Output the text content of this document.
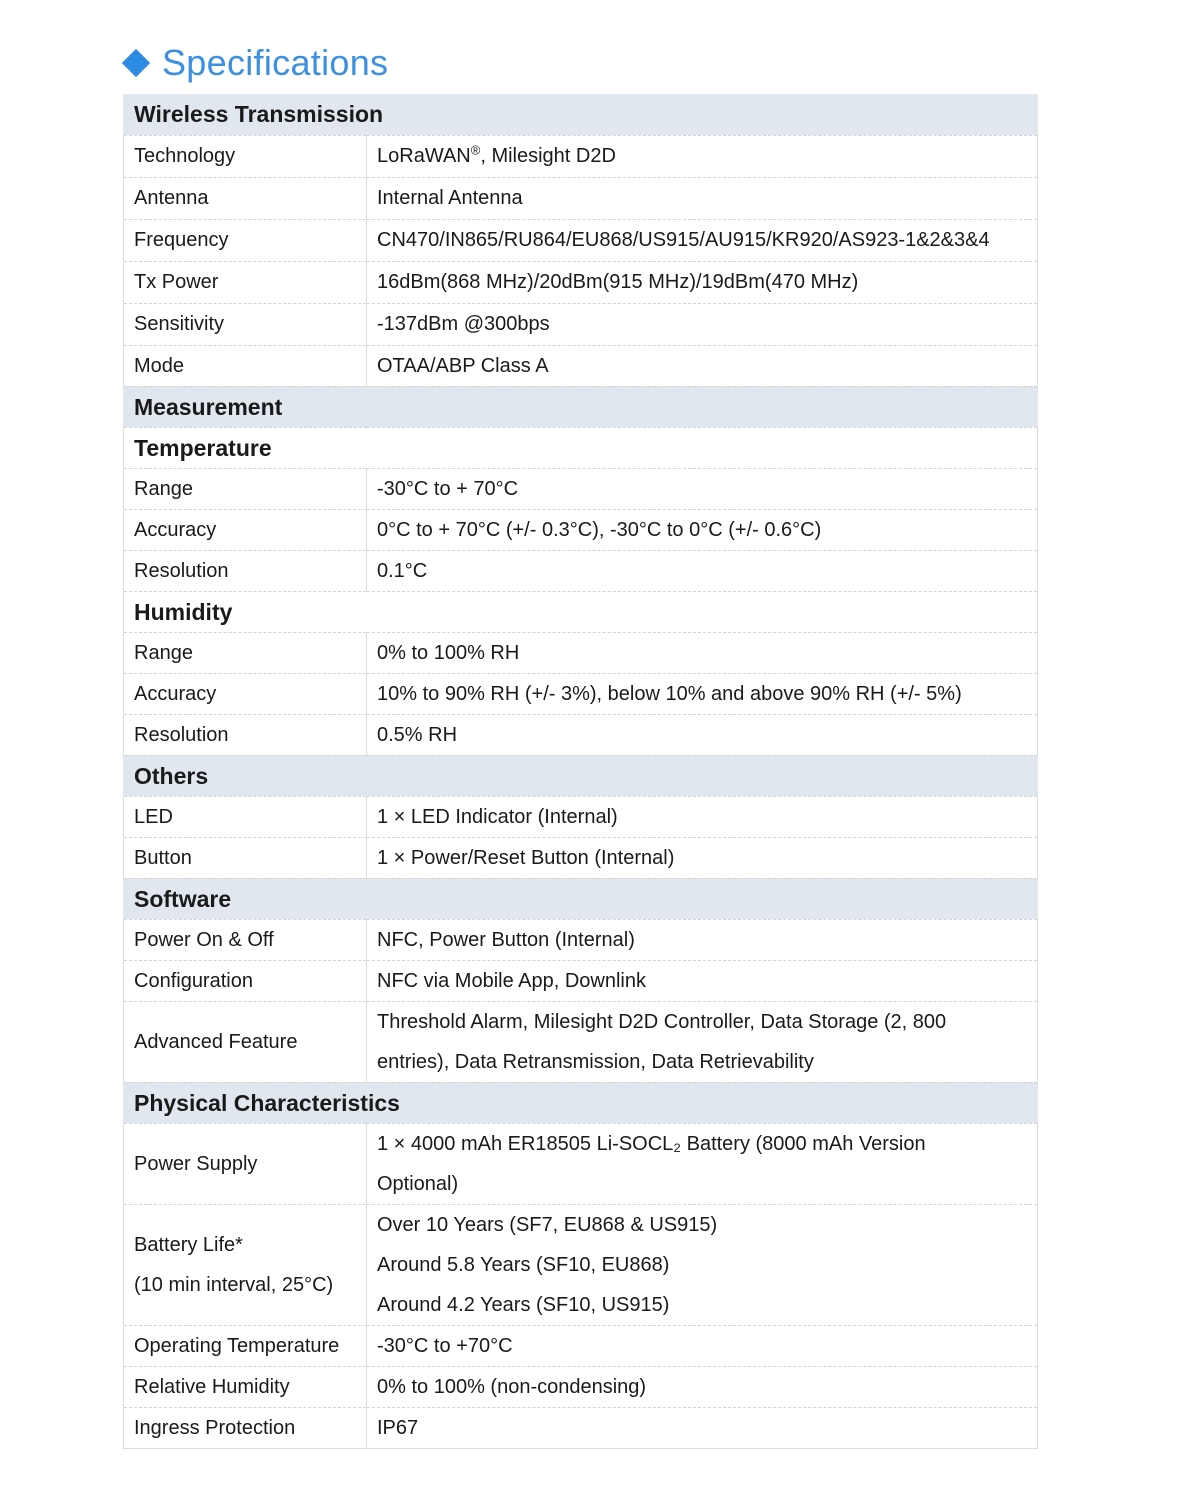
Specifications
Wireless Transmission	

Technology	LoRaWAN®, Milesight D2D

Antenna	Internal Antenna

Frequency	CN470/IN865/RU864/EU868/US915/AU915/KR920/AS923-1&2&3&4

Tx Power	16dBm(868 MHz)/20dBm(915 MHz)/19dBm(470 MHz)

Sensitivity	-137dBm @300bps

Mode	OTAA/ABP Class A

Measurement	
Temperature	

Range	-30°C to + 70°C

Accuracy	0°C to + 70°C (+/- 0.3°C), -30°C to 0°C (+/- 0.6°C)

Resolution	0.1°C

Humidity	

Range	0% to 100% RH

Accuracy	10% to 90% RH (+/- 3%), below 10% and above 90% RH (+/- 5%)

Resolution	0.5% RH

Others	

LED	1 × LED Indicator (Internal)

Button	1 × Power/Reset Button (Internal)

Software	

Power On & Off	NFC, Power Button (Internal)

Configuration	NFC via Mobile App, Downlink

Advanced Feature	Threshold Alarm, Milesight D2D Controller, Data Storage (2, 800
entries), Data Retransmission, Data Retrievability

Physical Characteristics	

Power Supply	1 × 4000 mAh ER18505 Li-SOCL₂ Battery (8000 mAh Version
Optional)

Battery Life*
(10 min interval, 25°C)	Over 10 Years (SF7, EU868 & US915)
Around 5.8 Years (SF10, EU868)
Around 4.2 Years (SF10, US915)

Operating Temperature	-30°C to +70°C

Relative Humidity	0% to 100% (non-condensing)

Ingress Protection	IP67
